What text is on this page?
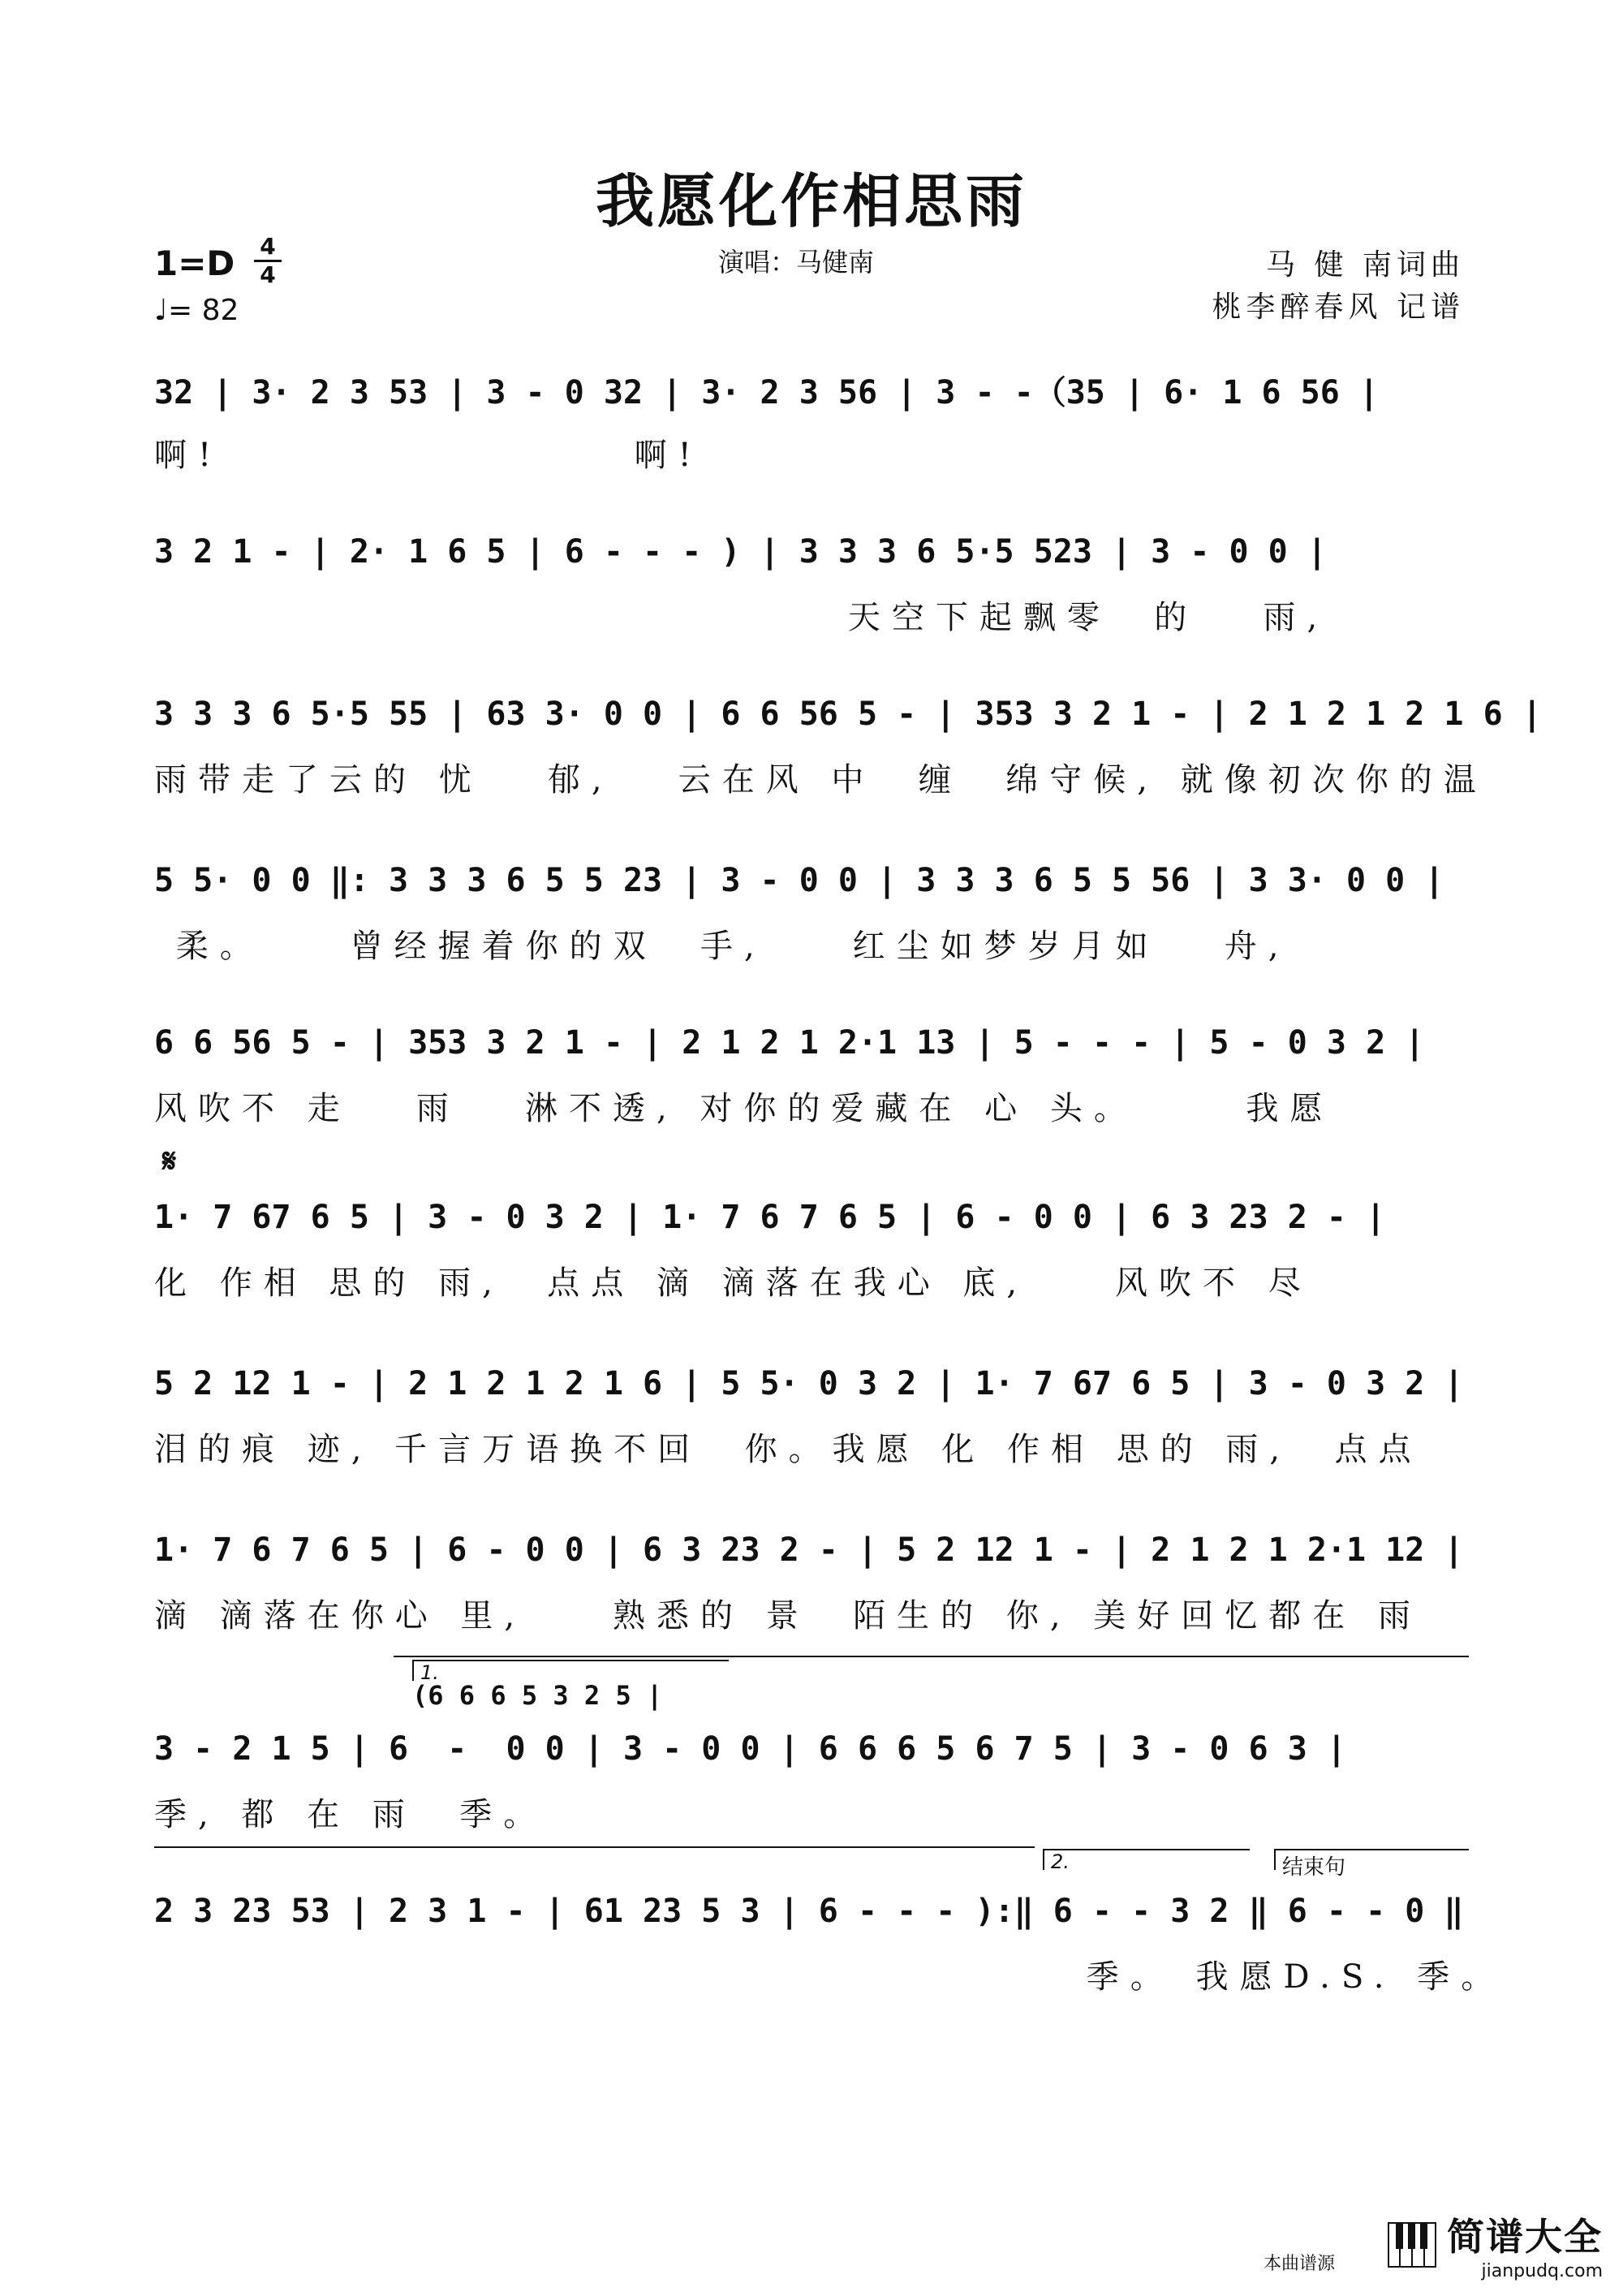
我愿化作相思雨
1=D 4
4
♩= 82
演唱：马健南	马 健 南词曲
桃李醉春风 记谱
32 | 3· 2 3 53 | 3 - 0 32 | 3· 2 3 56 | 3 - -（35 | 6· 1 6 56 |
啊!                   啊!
3 2 1 - | 2· 1 6 5 | 6 - - - ) | 3 3 3 6 5·5 523 | 3 - 0 0 |
天空下起飘零  的   雨,
3 3 3 6 5·5 55 | 63 3· 0 0 | 6 6 56 5 - | 353 3 2 1 - | 2 1 2 1 2 1 6 |
雨带走了云的 忧   郁,   云在风 中  缠  绵守候, 就像初次你的温
5 5· 0 0 ‖: 3 3 3 6 5 5 23 | 3 - 0 0 | 3 3 3 6 5 5 56 | 3 3· 0 0 |
柔。    曾经握着你的双  手,    红尘如梦岁月如   舟,
6 6 56 5 - | 353 3 2 1 - | 2 1 2 1 2·1 13 | 5 - - - | 5 - 0 3 2 |
风吹不 走   雨   淋不透, 对你的爱藏在 心 头。     我愿
𝄋
1· 7 67 6 5 | 3 - 0 3 2 | 1· 7 6 7 6 5 | 6 - 0 0 | 6 3 23 2 - |
化 作相 思的 雨,  点点 滴 滴落在我心 底,    风吹不 尽
5 2 12 1 - | 2 1 2 1 2 1 6 | 5 5· 0 3 2 | 1· 7 67 6 5 | 3 - 0 3 2 |
泪的痕 迹, 千言万语换不回  你。我愿 化 作相 思的 雨,  点点
1· 7 6 7 6 5 | 6 - 0 0 | 6 3 23 2 - | 5 2 12 1 - | 2 1 2 1 2·1 12 |
滴 滴落在你心 里,    熟悉的 景  陌生的 你, 美好回忆都在 雨
1.
(6 6 6 5 3 2 5 |
3 - 2 1 5 | 6  -  0 0 | 3 - 0 0 | 6 6 6 5 6 7 5 | 3 - 0 6 3 |
季, 都 在 雨  季。
2.	结束句
2 3 23 53 | 2 3 1 - | 61 23 5 3 | 6 - - - ):‖ 6 - - 3 2 ‖ 6 - - 0 ‖
季。 我愿D.S. 季。
本曲谱源

简谱大全
jianpudq.com
